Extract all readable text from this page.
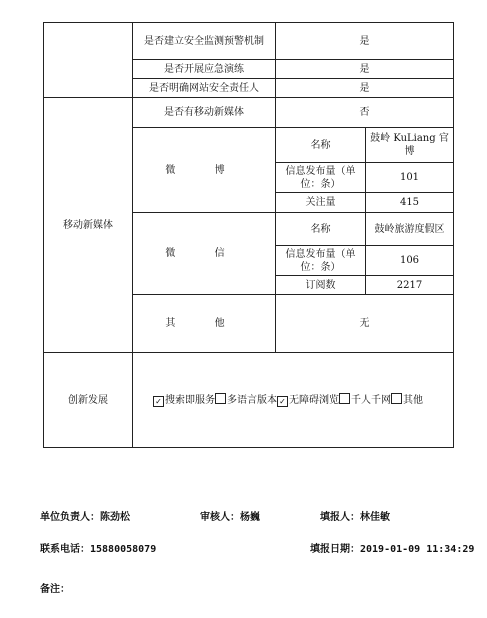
	是否建立安全监测预警机制	是	
	是否开展应急演练	是	
	是否明确网站安全责任人	是	
移动新媒体	是否有移动新媒体	否	
	微 博	名称	鼓岭 KuLiang 官博
		信息发布量（单位：条）	101
		关注量	415
	微 信	名称	鼓岭旅游度假区
		信息发布量（单位：条）	106
		订阅数	2217
	其 他	无	
创新发展	✓ 搜索即服务 多语言版本 ✓ 无障碍浏览 千人千网 其他		
单位负责人：陈劲松	审核人：杨巍	填报人：林佳敏
联系电话：15880058079	填报日期：2019-01-09 11:34:29
备注：
